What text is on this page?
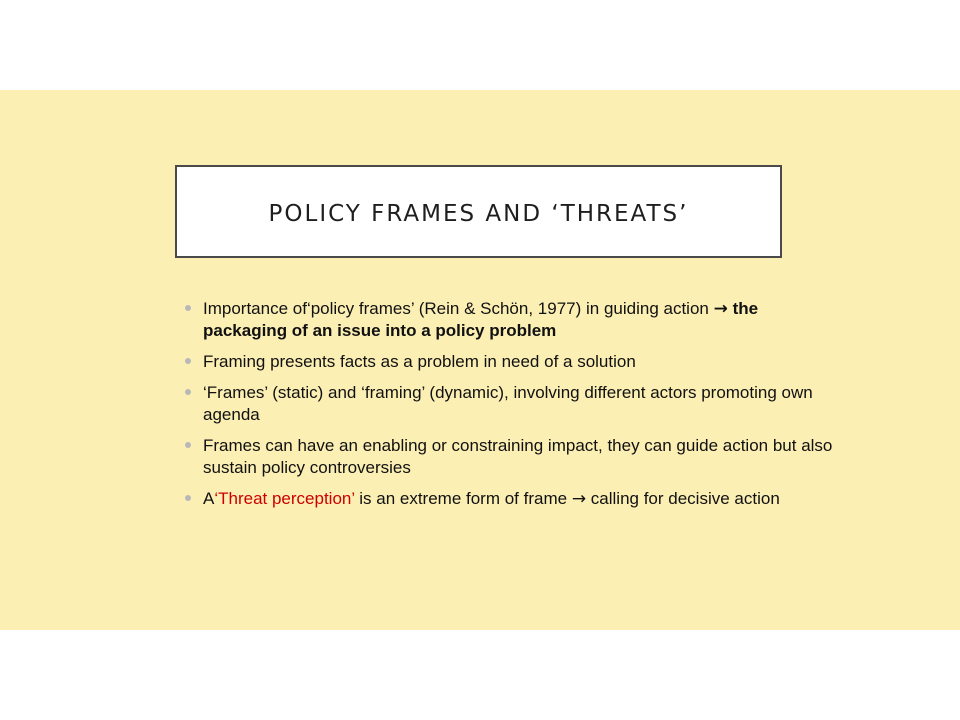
POLICY FRAMES AND ‘THREATS’
Importance of‘policy frames’ (Rein & Schön, 1977) in guiding action → the packaging of an issue into a policy problem
Framing presents facts as a problem in need of a solution
‘Frames’ (static) and ‘framing’ (dynamic), involving different actors promoting own agenda
Frames can have an enabling or constraining impact, they can guide action but also sustain policy controversies
A‘Threat perception’ is an extreme form of frame → calling for decisive action
